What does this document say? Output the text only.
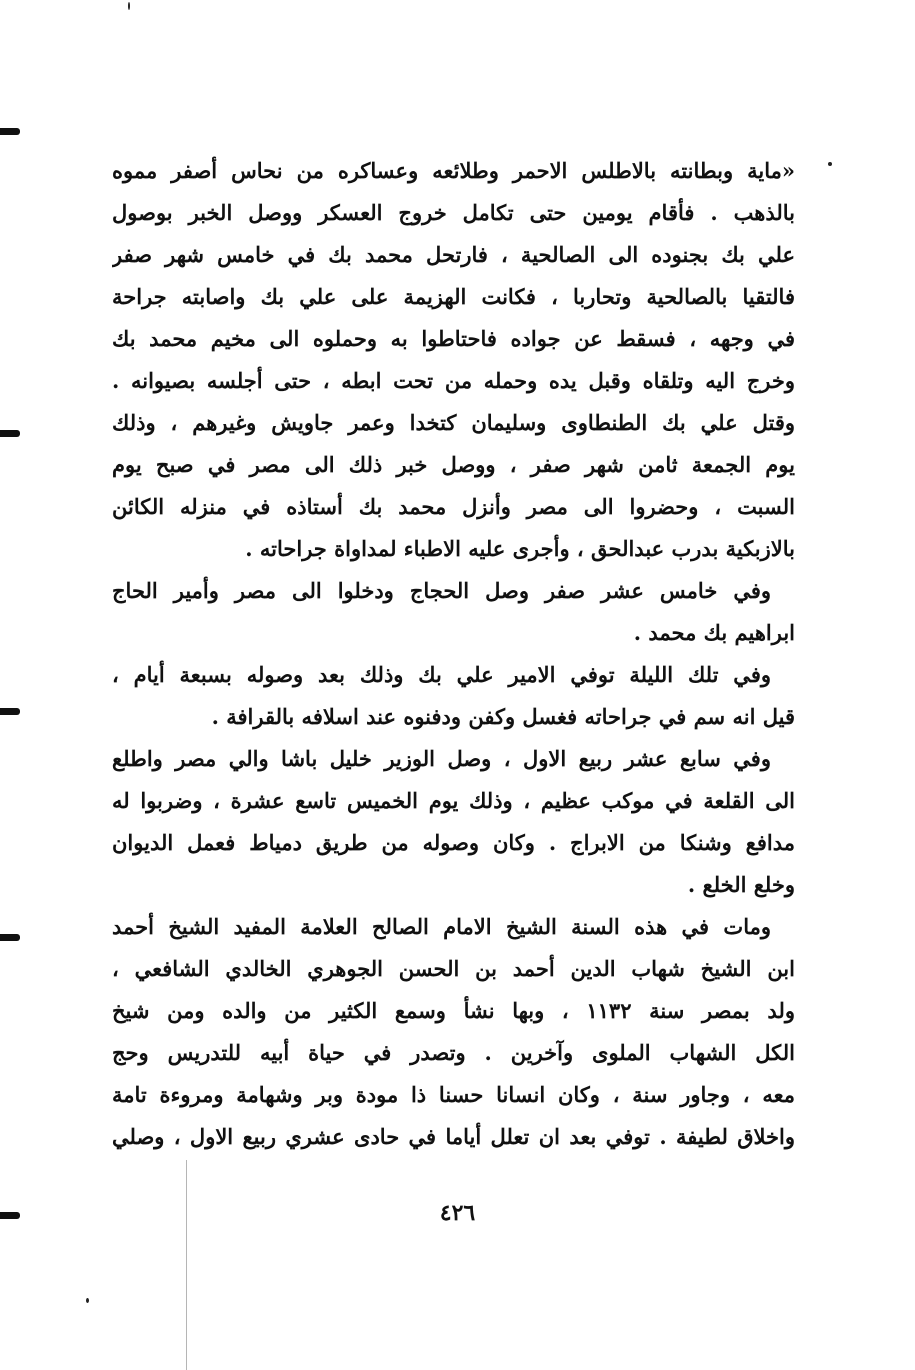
«ماية وبطانته بالاطلس الاحمر وطلائعه وعساكره من نحاس أصفر مموه
بالذهب . فأقام يومين حتى تكامل خروج العسكر ووصل الخبر بوصول
علي بك بجنوده الى الصالحية ، فارتحل محمد بك في خامس شهر صفر
فالتقيا بالصالحية وتحاربا ، فكانت الهزيمة على علي بك واصابته جراحة
في وجهه ، فسقط عن جواده فاحتاطوا به وحملوه الى مخيم محمد بك
وخرج اليه وتلقاه وقبل يده وحمله من تحت ابطه ، حتى أجلسه بصيوانه .
وقتل علي بك الطنطاوى وسليمان كتخدا وعمر جاويش وغيرهم ، وذلك
يوم الجمعة ثامن شهر صفر ، ووصل خبر ذلك الى مصر في صبح يوم
السبت ، وحضروا الى مصر وأنزل محمد بك أستاذه في منزله الكائن
بالازبكية بدرب عبدالحق ، وأجرى عليه الاطباء لمداواة جراحاته .
وفي خامس عشر صفر وصل الحجاج ودخلوا الى مصر وأمير الحاج
ابراهيم بك محمد .
وفي تلك الليلة توفي الامير علي بك وذلك بعد وصوله بسبعة أيام ،
قيل انه سم في جراحاته فغسل وكفن ودفنوه عند اسلافه بالقرافة .
وفي سابع عشر ربيع الاول ، وصل الوزير خليل باشا والي مصر واطلع
الى القلعة في موكب عظيم ، وذلك يوم الخميس تاسع عشرة ، وضربوا له
مدافع وشنكا من الابراج . وكان وصوله من طريق دمياط فعمل الديوان
وخلع الخلع .
ومات في هذه السنة الشيخ الامام الصالح العلامة المفيد الشيخ أحمد
ابن الشيخ شهاب الدين أحمد بن الحسن الجوهري الخالدي الشافعي ،
ولد بمصر سنة ١١٣٢ ، وبها نشأ وسمع الكثير من والده ومن شيخ
الكل الشهاب الملوى وآخرين . وتصدر في حياة أبيه للتدريس وحج
معه ، وجاور سنة ، وكان انسانا حسنا ذا مودة وبر وشهامة ومروءة تامة
واخلاق لطيفة . توفي بعد ان تعلل أياما في حادى عشري ربيع الاول ، وصلي
٤٢٦
